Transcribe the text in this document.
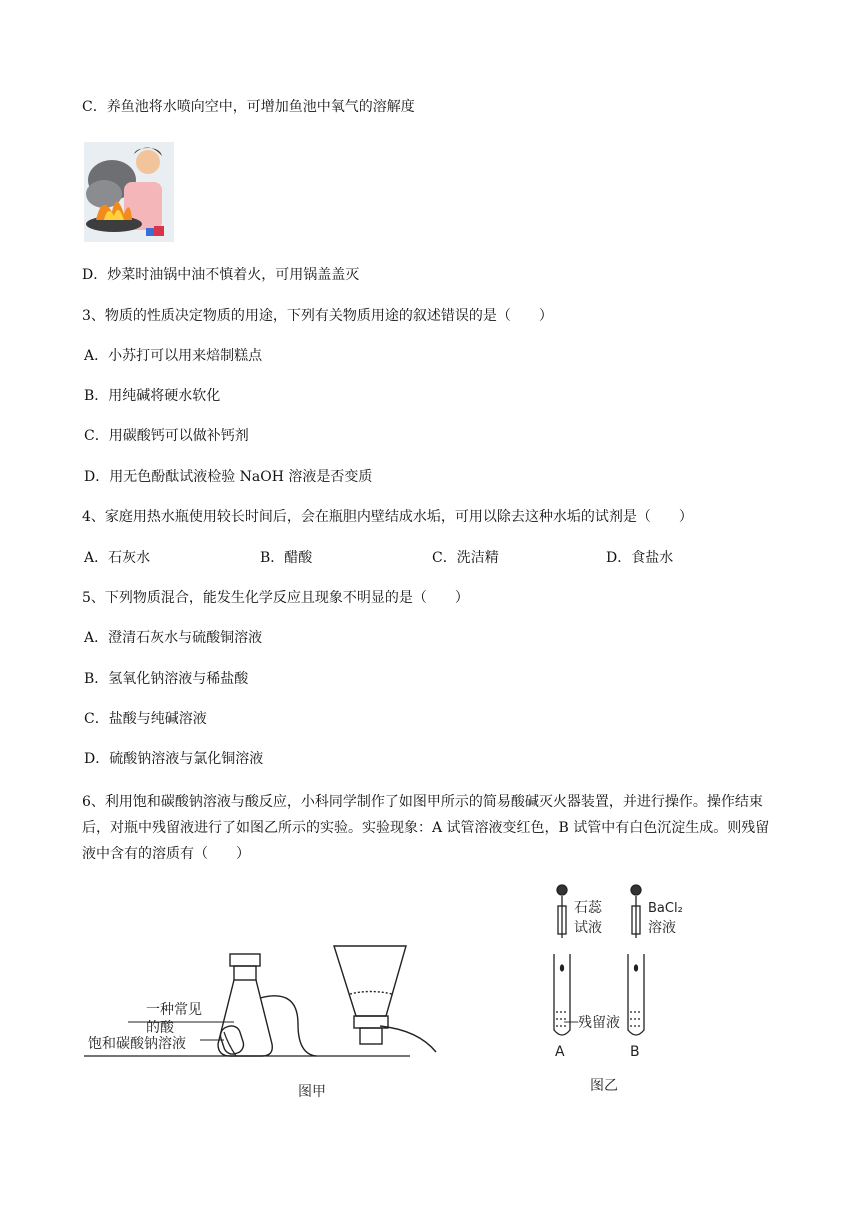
C．养鱼池将水喷向空中，可增加鱼池中氧气的溶解度
D．炒菜时油锅中油不慎着火，可用锅盖盖灭
3、物质的性质决定物质的用途，下列有关物质用途的叙述错误的是（　　）
A．小苏打可以用来焙制糕点
B．用纯碱将硬水软化
C．用碳酸钙可以做补钙剂
D．用无色酚酞试液检验 NaOH 溶液是否变质
4、家庭用热水瓶使用较长时间后，会在瓶胆内壁结成水垢，可用以除去这种水垢的试剂是（　　）
A．石灰水	B．醋酸	C．洗洁精	D．食盐水
5、下列物质混合，能发生化学反应且现象不明显的是（　　）
A．澄清石灰水与硫酸铜溶液
B．氢氧化钠溶液与稀盐酸
C．盐酸与纯碱溶液
D．硫酸钠溶液与氯化铜溶液
6、利用饱和碳酸钠溶液与酸反应，小科同学制作了如图甲所示的简易酸碱灭火器装置，并进行操作。操作结束后，对瓶中残留液进行了如图乙所示的实验。实验现象：A 试管溶液变红色，B 试管中有白色沉淀生成。则残留液中含有的溶质有（　　）
一种常见
的酸
饱和碳酸钠溶液
图甲
石蕊
试液
BaCl₂
溶液
残留液
A	B
图乙
